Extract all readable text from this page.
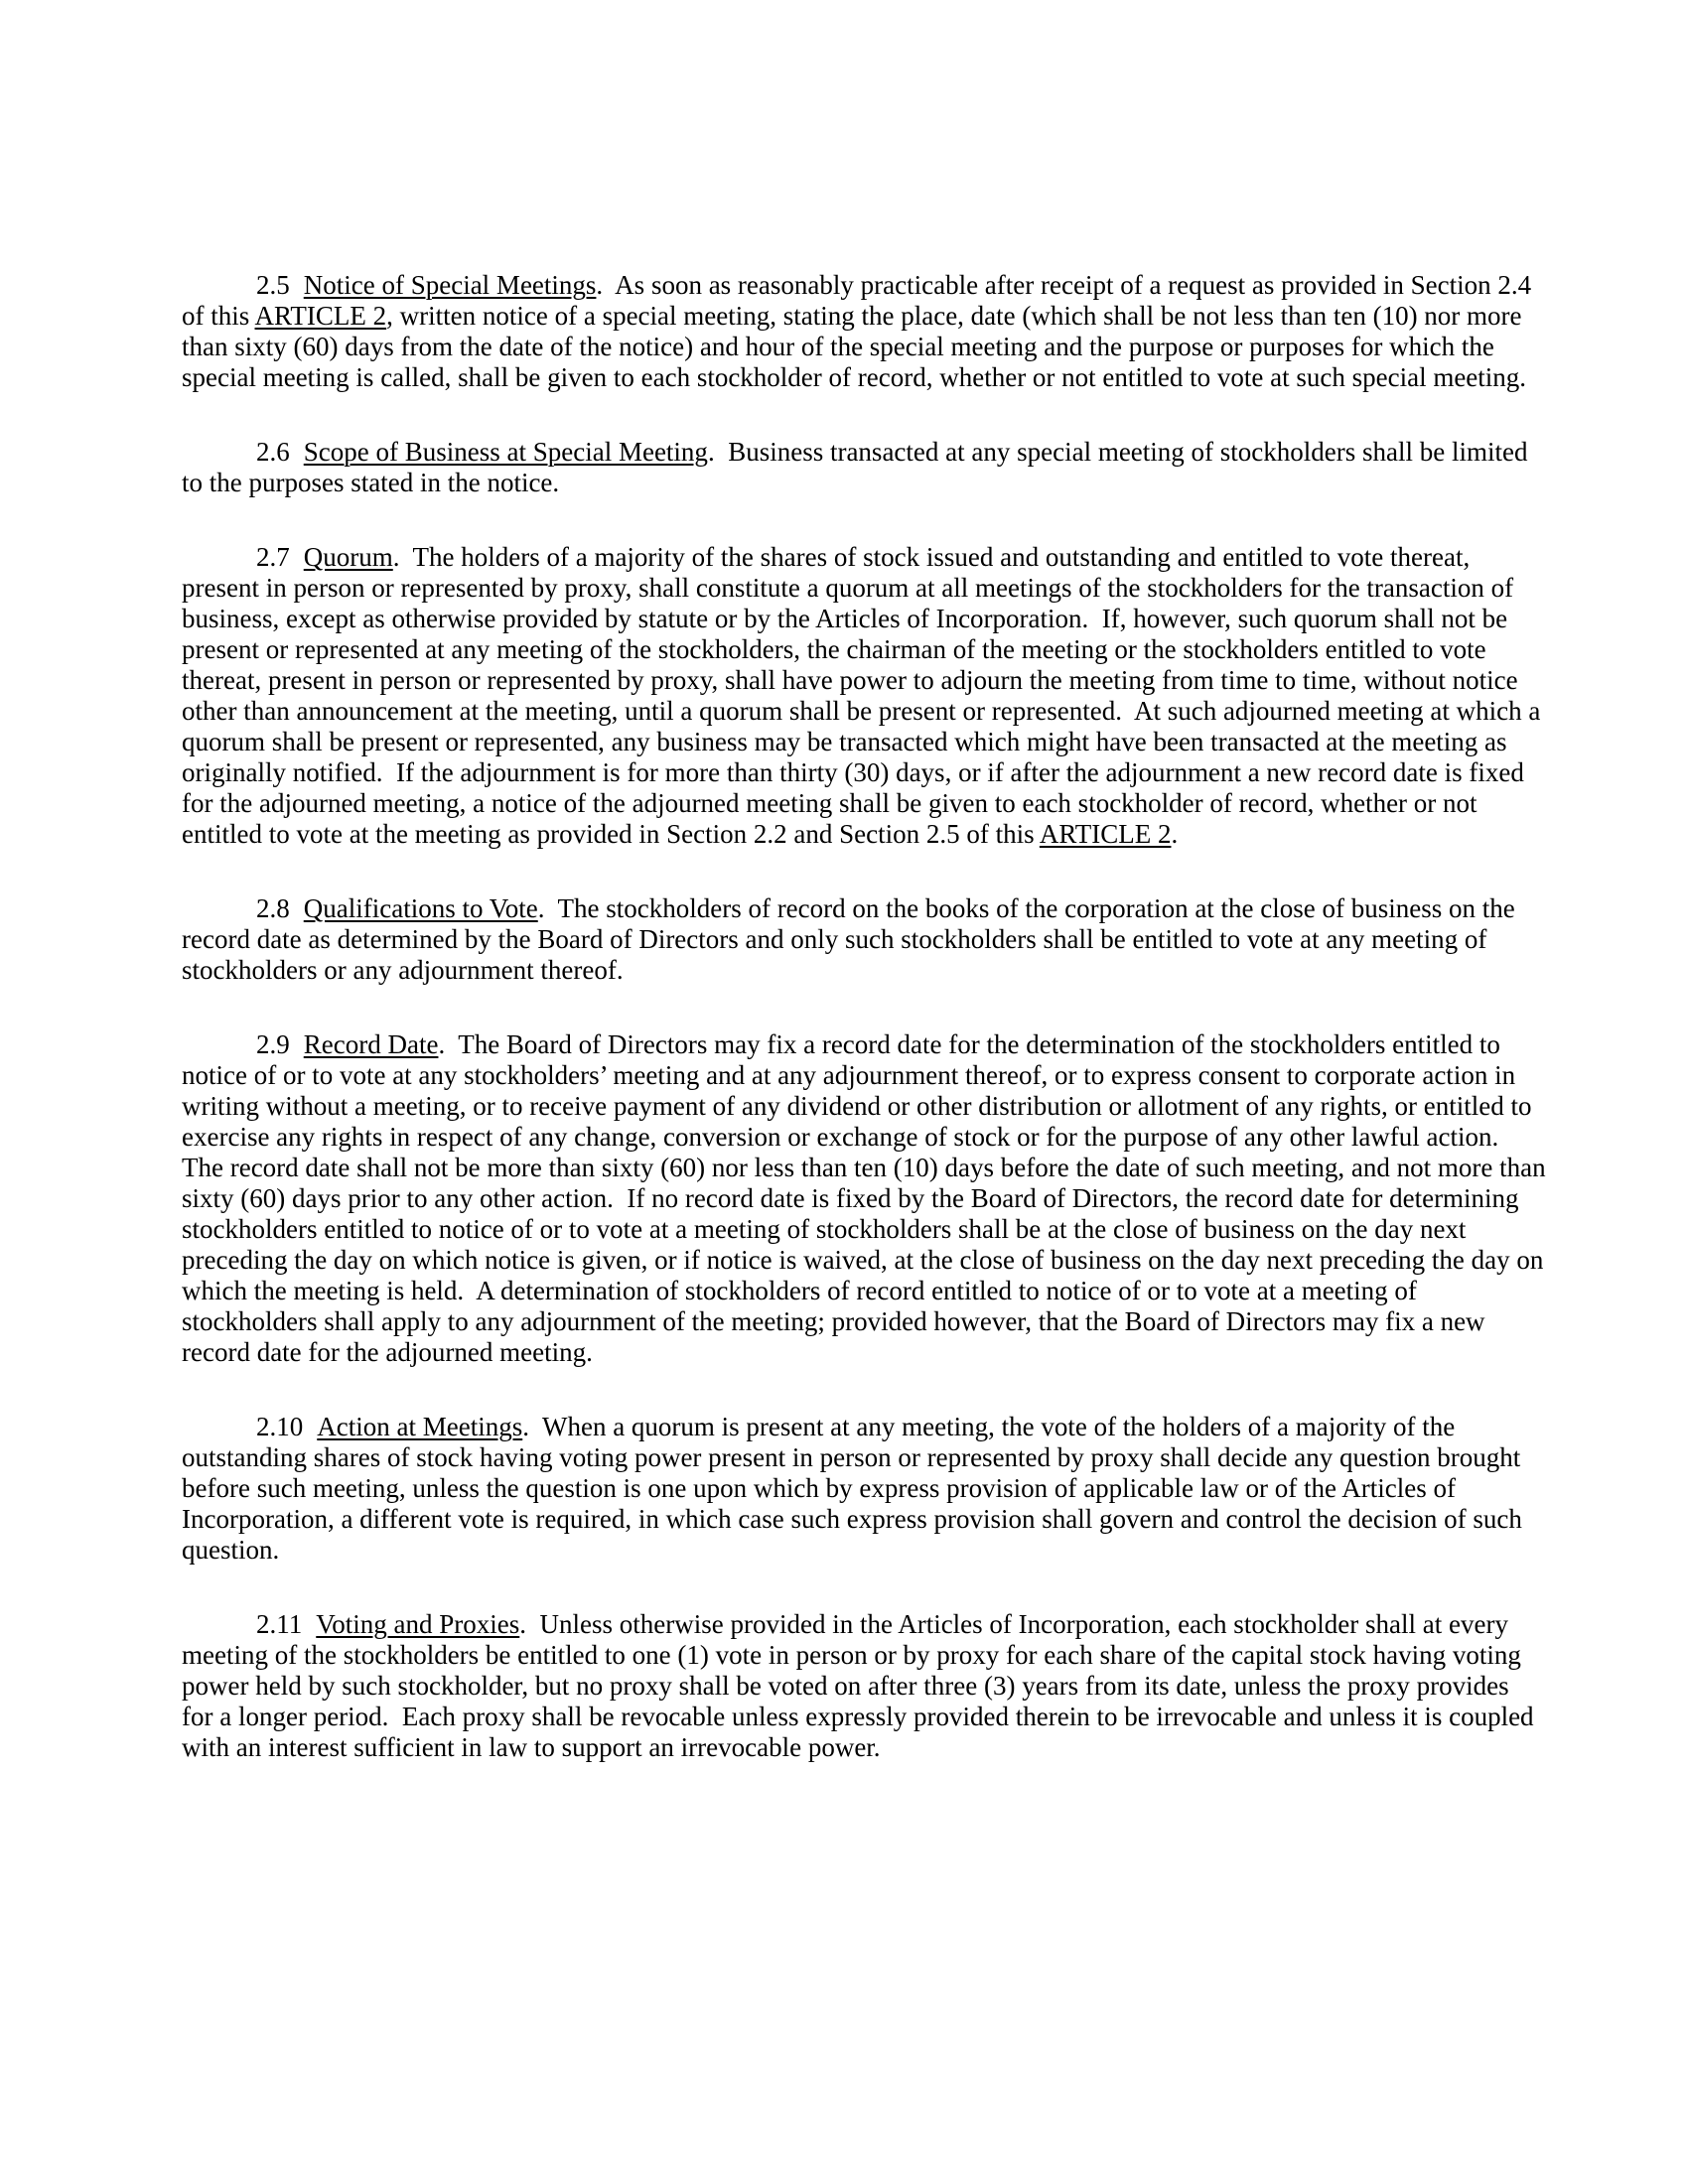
2.5 Notice of Special Meetings.  As soon as reasonably practicable after receipt of a request as provided in Section 2.4 of this ARTICLE 2, written notice of a special meeting, stating the place, date (which shall be not less than ten (10) nor more than sixty (60) days from the date of the notice) and hour of the special meeting and the purpose or purposes for which the special meeting is called, shall be given to each stockholder of record, whether or not entitled to vote at such special meeting.

2.6 Scope of Business at Special Meeting.  Business transacted at any special meeting of stockholders shall be limited to the purposes stated in the notice.

2.7 Quorum.  The holders of a majority of the shares of stock issued and outstanding and entitled to vote thereat, present in person or represented by proxy, shall constitute a quorum at all meetings of the stockholders for the transaction of business, except as otherwise provided by statute or by the Articles of Incorporation.  If, however, such quorum shall not be present or represented at any meeting of the stockholders, the chairman of the meeting or the stockholders entitled to vote thereat, present in person or represented by proxy, shall have power to adjourn the meeting from time to time, without notice other than announcement at the meeting, until a quorum shall be present or represented.  At such adjourned meeting at which a quorum shall be present or represented, any business may be transacted which might have been transacted at the meeting as originally notified.  If the adjournment is for more than thirty (30) days, or if after the adjournment a new record date is fixed for the adjourned meeting, a notice of the adjourned meeting shall be given to each stockholder of record, whether or not entitled to vote at the meeting as provided in Section 2.2 and Section 2.5 of this ARTICLE 2.

2.8 Qualifications to Vote.  The stockholders of record on the books of the corporation at the close of business on the record date as determined by the Board of Directors and only such stockholders shall be entitled to vote at any meeting of stockholders or any adjournment thereof.

2.9 Record Date.  The Board of Directors may fix a record date for the determination of the stockholders entitled to notice of or to vote at any stockholders’ meeting and at any adjournment thereof, or to express consent to corporate action in writing without a meeting, or to receive payment of any dividend or other distribution or allotment of any rights, or entitled to exercise any rights in respect of any change, conversion or exchange of stock or for the purpose of any other lawful action.  The record date shall not be more than sixty (60) nor less than ten (10) days before the date of such meeting, and not more than sixty (60) days prior to any other action.  If no record date is fixed by the Board of Directors, the record date for determining stockholders entitled to notice of or to vote at a meeting of stockholders shall be at the close of business on the day next preceding the day on which notice is given, or if notice is waived, at the close of business on the day next preceding the day on which the meeting is held.  A determination of stockholders of record entitled to notice of or to vote at a meeting of stockholders shall apply to any adjournment of the meeting; provided however, that the Board of Directors may fix a new record date for the adjourned meeting.

2.10 Action at Meetings.  When a quorum is present at any meeting, the vote of the holders of a majority of the outstanding shares of stock having voting power present in person or represented by proxy shall decide any question brought before such meeting, unless the question is one upon which by express provision of applicable law or of the Articles of Incorporation, a different vote is required, in which case such express provision shall govern and control the decision of such question.

2.11 Voting and Proxies.  Unless otherwise provided in the Articles of Incorporation, each stockholder shall at every meeting of the stockholders be entitled to one (1) vote in person or by proxy for each share of the capital stock having voting power held by such stockholder, but no proxy shall be voted on after three (3) years from its date, unless the proxy provides for a longer period.  Each proxy shall be revocable unless expressly provided therein to be irrevocable and unless it is coupled with an interest sufficient in law to support an irrevocable power.
